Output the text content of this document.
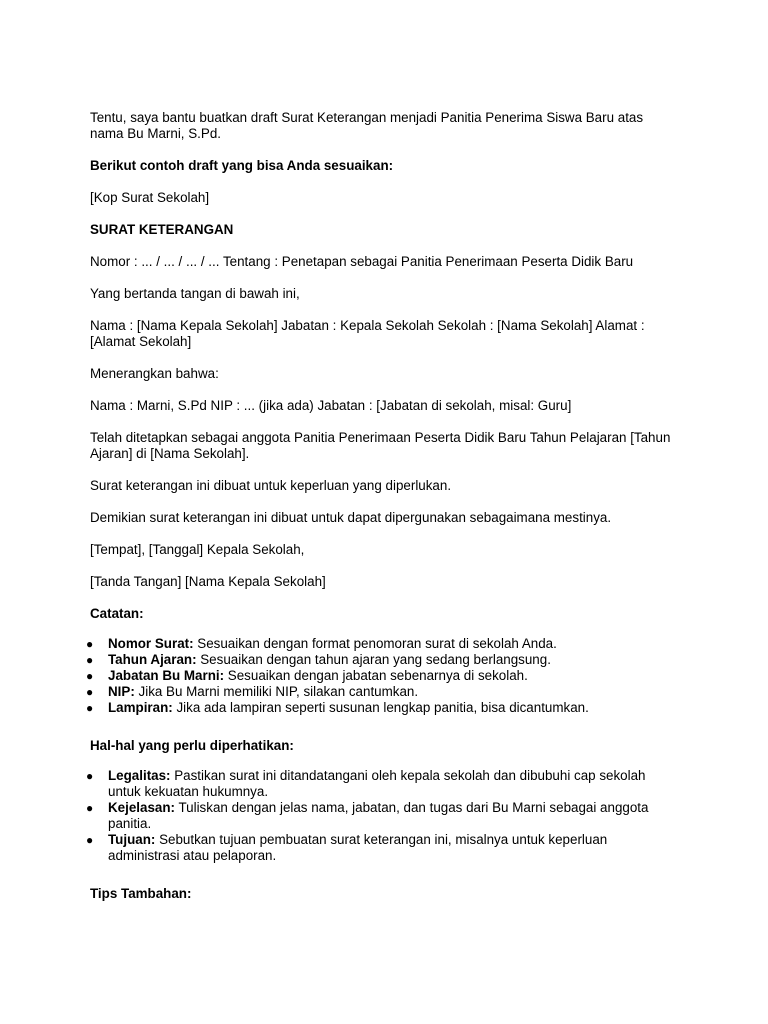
Tentu, saya bantu buatkan draft Surat Keterangan menjadi Panitia Penerima Siswa Baru atas nama Bu Marni, S.Pd.

Berikut contoh draft yang bisa Anda sesuaikan:

[Kop Surat Sekolah]

SURAT KETERANGAN

Nomor : ... / ... / ... / ... Tentang : Penetapan sebagai Panitia Penerimaan Peserta Didik Baru

Yang bertanda tangan di bawah ini,

Nama : [Nama Kepala Sekolah] Jabatan : Kepala Sekolah Sekolah : [Nama Sekolah] Alamat : [Alamat Sekolah]

Menerangkan bahwa:

Nama : Marni, S.Pd NIP : ... (jika ada) Jabatan : [Jabatan di sekolah, misal: Guru]

Telah ditetapkan sebagai anggota Panitia Penerimaan Peserta Didik Baru Tahun Pelajaran [Tahun Ajaran] di [Nama Sekolah].

Surat keterangan ini dibuat untuk keperluan yang diperlukan.

Demikian surat keterangan ini dibuat untuk dapat dipergunakan sebagaimana mestinya.

[Tempat], [Tanggal] Kepala Sekolah,

[Tanda Tangan] [Nama Kepala Sekolah]

Catatan:

● Nomor Surat: Sesuaikan dengan format penomoran surat di sekolah Anda.
● Tahun Ajaran: Sesuaikan dengan tahun ajaran yang sedang berlangsung.
● Jabatan Bu Marni: Sesuaikan dengan jabatan sebenarnya di sekolah.
● NIP: Jika Bu Marni memiliki NIP, silakan cantumkan.
● Lampiran: Jika ada lampiran seperti susunan lengkap panitia, bisa dicantumkan.

Hal-hal yang perlu diperhatikan:

● Legalitas: Pastikan surat ini ditandatangani oleh kepala sekolah dan dibubuhi cap sekolah untuk kekuatan hukumnya.
● Kejelasan: Tuliskan dengan jelas nama, jabatan, dan tugas dari Bu Marni sebagai anggota panitia.
● Tujuan: Sebutkan tujuan pembuatan surat keterangan ini, misalnya untuk keperluan administrasi atau pelaporan.

Tips Tambahan:
